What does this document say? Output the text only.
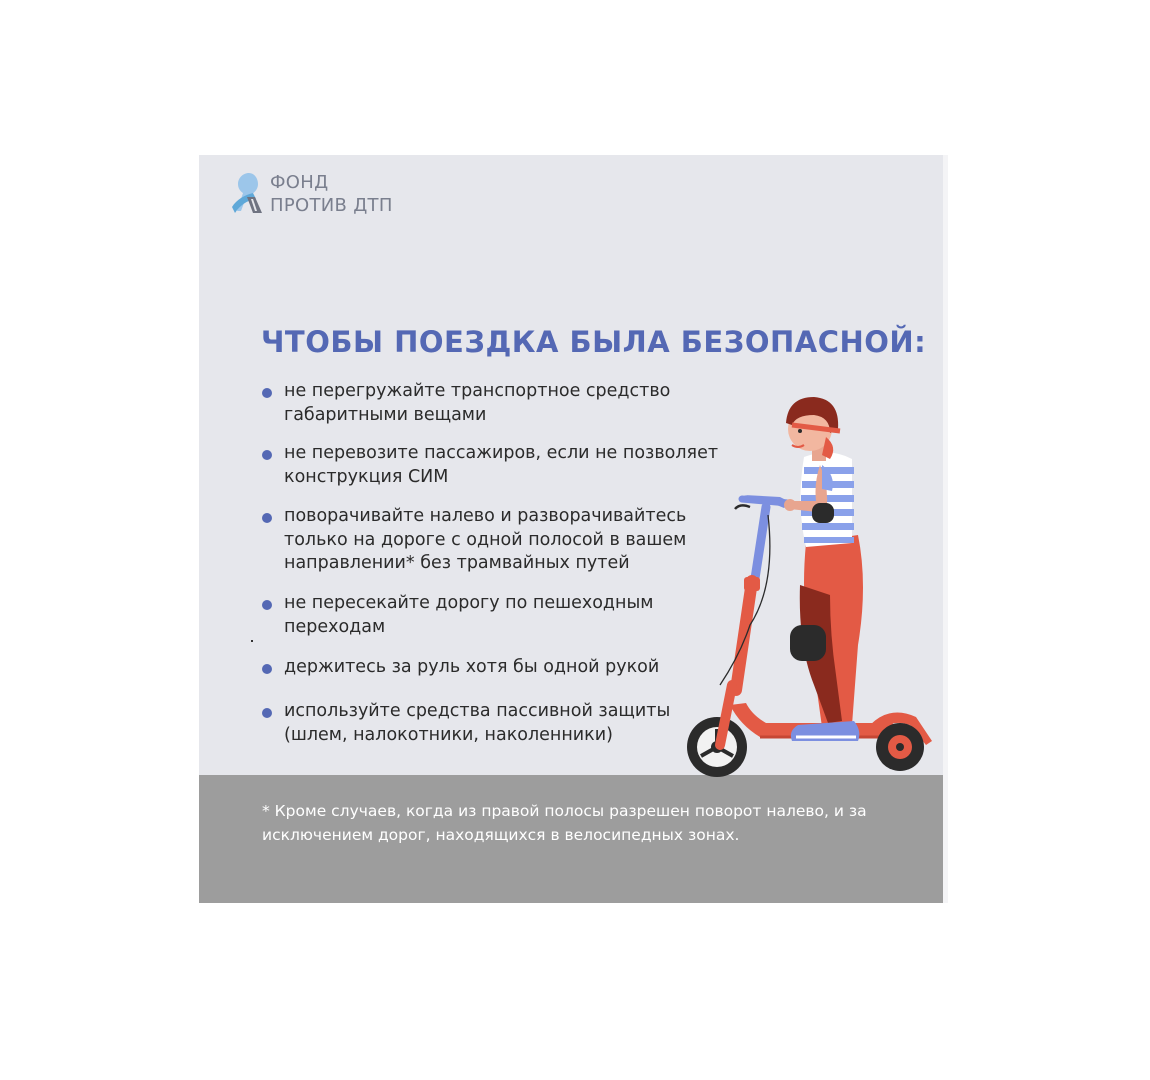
ФОНД
ПРОТИВ ДТП
ЧТОБЫ ПОЕЗДКА БЫЛА БЕЗОПАСНОЙ:
не перегружайте транспортное средство габаритными вещами
не перевозите пассажиров, если не позволяет конструкция СИМ
поворачивайте налево и разворачивайтесь только на дороге с одной полосой в вашем направлении* без трамвайных путей
не пересекайте дорогу по пешеходным переходам
держитесь за руль хотя бы одной рукой
используйте средства пассивной защиты (шлем, налокотники, наколенники)
* Кроме случаев, когда из правой полосы разрешен поворот налево, и за исключением дорог, находящихся в велосипедных зонах.
